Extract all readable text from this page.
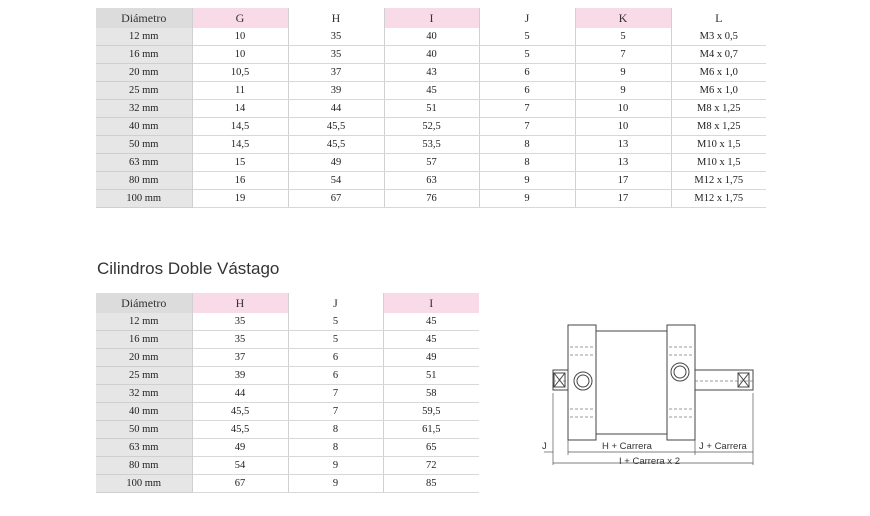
Diámetro	G	H	I	J	K	L
12 mm	10	35	40	5	5	M3 x 0,5
16 mm	10	35	40	5	7	M4 x 0,7
20 mm	10,5	37	43	6	9	M6 x 1,0
25 mm	11	39	45	6	9	M6 x 1,0
32 mm	14	44	51	7	10	M8 x 1,25
40 mm	14,5	45,5	52,5	7	10	M8 x 1,25
50 mm	14,5	45,5	53,5	8	13	M10 x 1,5
63 mm	15	49	57	8	13	M10 x 1,5
80 mm	16	54	63	9	17	M12 x 1,75
100 mm	19	67	76	9	17	M12 x 1,75
Cilindros Doble Vástago
Diámetro	H	J	I
12 mm	35	5	45
16 mm	35	5	45
20 mm	37	6	49
25 mm	39	6	51
32 mm	44	7	58
40 mm	45,5	7	59,5
50 mm	45,5	8	61,5
63 mm	49	8	65
80 mm	54	9	72
100 mm	67	9	85
J	H + Carrera	J + Carrera
I + Carrera x 2
